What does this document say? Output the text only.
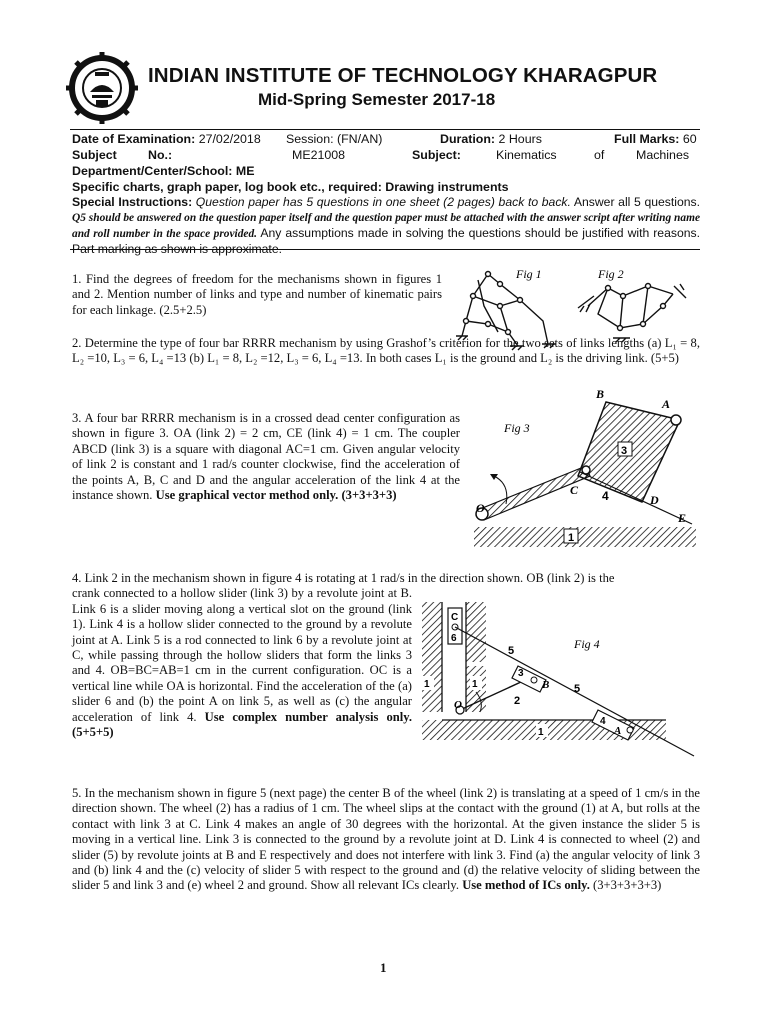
INDIAN INSTITUTE OF TECHNOLOGY KHARAGPUR
Mid-Spring Semester 2017-18
Date of Examination: 27/02/2018 Session: (FN/AN)	Duration: 2 Hours	Full Marks: 60
Subject	No.:	ME21008	Subject:	Kinematics	of	Machines
Department/Center/School: ME
Specific charts, graph paper, log book etc., required: Drawing instruments
Special Instructions: Question paper has 5 questions in one sheet (2 pages) back to back. Answer all 5 questions. Q5 should be answered on the question paper itself and the question paper must be attached with the answer script after writing name and roll number in the space provided. Any assumptions made in solving the questions should be justified with reasons. Part marking as shown is approximate.
1. Find the degrees of freedom for the mechanisms shown in figures 1 and 2. Mention number of links and type and number of kinematic pairs for each linkage. (2.5+2.5)
Fig 1	Fig 2
2. Determine the type of four bar RRRR mechanism by using Grashof’s criterion for the two sets of links lengths (a) L₁ = 8, L₂ =10, L₃ = 6, L₄ =13 (b) L₁ = 8, L₂ =12, L₃ = 6, L₄ =13. In both cases L₁ is the ground and L₂ is the driving link. (5+5)
3. A four bar RRRR mechanism is in a crossed dead center configuration as shown in figure 3. OA (link 2) = 2 cm, CE (link 4) = 1 cm. The coupler ABCD (link 3) is a square with diagonal AC=1 cm. Given angular velocity of link 2 is constant and 1 rad/s counter clockwise, find the acceleration of the points A, B, C and D and the angular acceleration of the link 4 at the instance shown. Use graphical vector method only. (3+3+3+3)
3
1
Fig 3
B
A
C
D
E
O
4
4. Link 2 in the mechanism shown in figure 4 is rotating at 1 rad/s in the direction shown. OB (link 2) is the
crank connected to a hollow slider (link 3) by a revolute joint at B. Link 6 is a slider moving along a vertical slot on the ground (link 1). Link 4 is a hollow slider connected to the ground by a revolute joint at A. Link 5 is a rod connected to link 6 by a revolute joint at C, while passing through the hollow sliders that form the links 3 and 4. OB=BC=AB=1 cm in the current configuration. OC is a vertical line while OA is horizontal. Find the acceleration of the (a) slider 6 and (b) the point A on link 5, as well as (c) the angular acceleration of link 4. Use complex number analysis only. (5+5+5)
C
6	Fig 4
5
5
3
B
4
A
2
O
1	1
1
5. In the mechanism shown in figure 5 (next page) the center B of the wheel (link 2) is translating at a speed of 1 cm/s in the direction shown. The wheel (2) has a radius of 1 cm. The wheel slips at the contact with the ground (1) at A, but rolls at the contact with link 3 at C. Link 4 makes an angle of 30 degrees with the horizontal. At the given instance the slider 5 is moving in a vertical line. Link 3 is connected to the ground by a revolute joint at D. Link 4 is connected to wheel (2) and slider (5) by revolute joints at B and E respectively and does not interfere with link 3. Find (a) the angular velocity of link 3 and (b) link 4 and the (c) velocity of slider 5 with respect to the ground and (d) the relative velocity of sliding between the slider 5 and link 3 and (e) wheel 2 and ground. Show all relevant ICs clearly. Use method of ICs only. (3+3+3+3+3)
1
